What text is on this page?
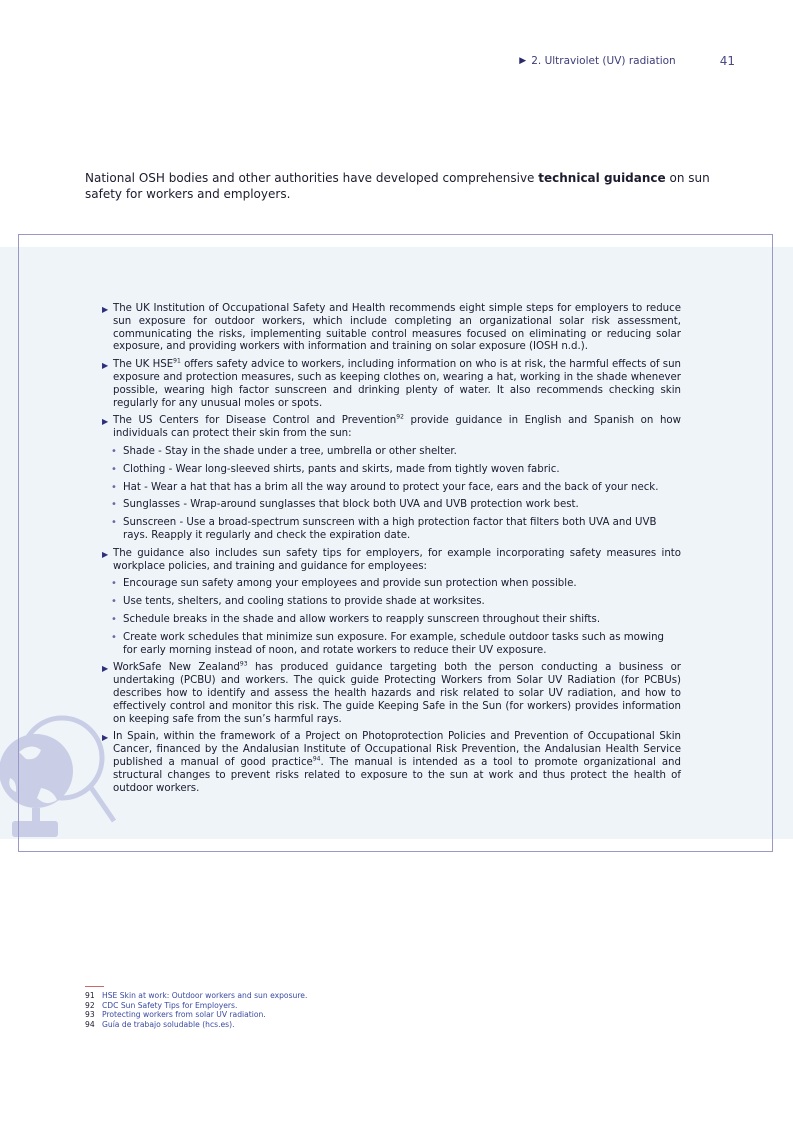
▶ 2. Ultraviolet (UV) radiation	41

National OSH bodies and other authorities have developed comprehensive technical guidance on sun safety for workers and employers.

▶ The UK Institution of Occupational Safety and Health recommends eight simple steps for employers to reduce sun exposure for outdoor workers, which include completing an organizational solar risk assessment, communicating the risks, implementing suitable control measures focused on eliminating or reducing solar exposure, and providing workers with information and training on solar exposure (IOSH n.d.).
▶ The UK HSE$^{91}$ offers safety advice to workers, including information on who is at risk, the harmful effects of sun exposure and protection measures, such as keeping clothes on, wearing a hat, working in the shade whenever possible, wearing high factor sunscreen and drinking plenty of water. It also recommends checking skin regularly for any unusual moles or spots.
▶ The US Centers for Disease Control and Prevention$^{92}$ provide guidance in English and Spanish on how individuals can protect their skin from the sun:
• Shade - Stay in the shade under a tree, umbrella or other shelter.
• Clothing - Wear long-sleeved shirts, pants and skirts, made from tightly woven fabric.
• Hat - Wear a hat that has a brim all the way around to protect your face, ears and the back of your neck.
• Sunglasses - Wrap-around sunglasses that block both UVA and UVB protection work best.
• Sunscreen - Use a broad-spectrum sunscreen with a high protection factor that filters both UVA and UVB rays. Reapply it regularly and check the expiration date.
▶ The guidance also includes sun safety tips for employers, for example incorporating safety measures into workplace policies, and training and guidance for employees:
• Encourage sun safety among your employees and provide sun protection when possible.
• Use tents, shelters, and cooling stations to provide shade at worksites.
• Schedule breaks in the shade and allow workers to reapply sunscreen throughout their shifts.
• Create work schedules that minimize sun exposure. For example, schedule outdoor tasks such as mowing for early morning instead of noon, and rotate workers to reduce their UV exposure.
▶ WorkSafe New Zealand$^{93}$ has produced guidance targeting both the person conducting a business or undertaking (PCBU) and workers. The quick guide Protecting Workers from Solar UV Radiation (for PCBUs) describes how to identify and assess the health hazards and risk related to solar UV radiation, and how to effectively control and monitor this risk. The guide Keeping Safe in the Sun (for workers) provides information on keeping safe from the sun’s harmful rays.
▶ In Spain, within the framework of a Project on Photoprotection Policies and Prevention of Occupational Skin Cancer, financed by the Andalusian Institute of Occupational Risk Prevention, the Andalusian Health Service published a manual of good practice$^{94}$. The manual is intended as a tool to promote organizational and structural changes to prevent risks related to exposure to the sun at work and thus protect the health of outdoor workers.
91 HSE Skin at work: Outdoor workers and sun exposure.
92 CDC Sun Safety Tips for Employers.
93 Protecting workers from solar UV radiation.
94 Guía de trabajo soludable (hcs.es).
